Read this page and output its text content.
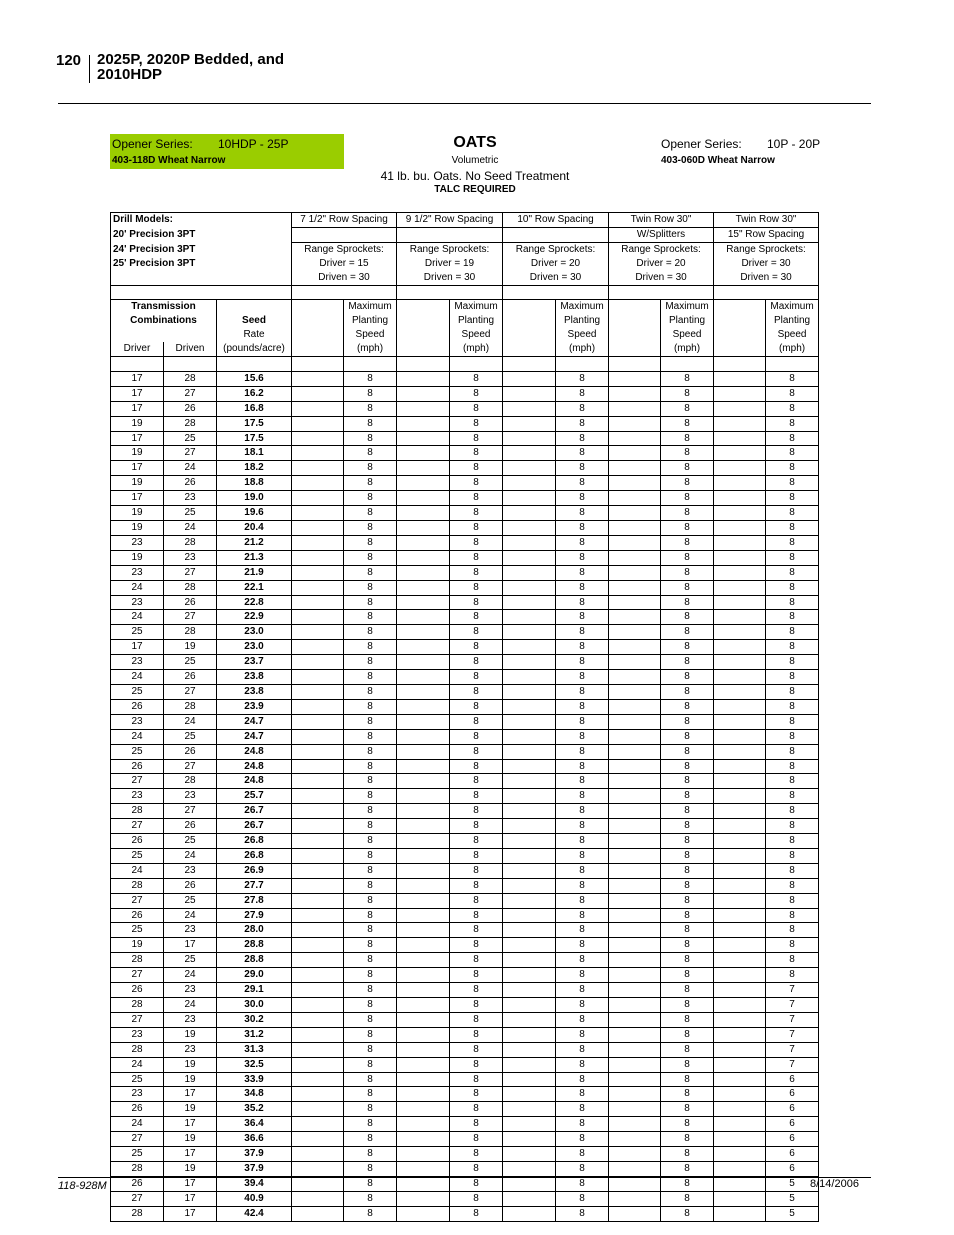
120 2025P, 2020P Bedded, and
2010HDP
Opener Series: 10HDP - 25P
403-118D Wheat Narrow
OATS
Volumetric
41 lb. bu. Oats. No Seed Treatment
TALC REQUIRED
Opener Series: 10P - 20P
403-060D Wheat Narrow
Drill Models:			7 1/2" Row Spacing		9 1/2" Row Spacing		10" Row Spacing		Twin Row 30"		Twin Row 30"	
20' Precision 3PT									W/Splitters		15" Row Spacing	
24' Precision 3PT			Range Sprockets:		Range Sprockets:		Range Sprockets:		Range Sprockets:		Range Sprockets:	
25' Precision 3PT			Driver = 15		Driver = 19		Driver = 20		Driver = 20		Driver = 30	
			Driven = 30		Driven = 30		Driven = 30		Driven = 30		Driven = 30	

Transmission				Maximum		Maximum		Maximum		Maximum		Maximum
Combinations		Seed		Planting		Planting		Planting		Planting		Planting
		Rate		Speed		Speed		Speed		Speed		Speed
Driver	Driven	(pounds/acre)		(mph)		(mph)		(mph)		(mph)		(mph)

17	28	15.6		8		8		8		8		8
17	27	16.2		8		8		8		8		8
17	26	16.8		8		8		8		8		8
19	28	17.5		8		8		8		8		8
17	25	17.5		8		8		8		8		8
19	27	18.1		8		8		8		8		8
17	24	18.2		8		8		8		8		8
19	26	18.8		8		8		8		8		8
17	23	19.0		8		8		8		8		8
19	25	19.6		8		8		8		8		8
19	24	20.4		8		8		8		8		8
23	28	21.2		8		8		8		8		8
19	23	21.3		8		8		8		8		8
23	27	21.9		8		8		8		8		8
24	28	22.1		8		8		8		8		8
23	26	22.8		8		8		8		8		8
24	27	22.9		8		8		8		8		8
25	28	23.0		8		8		8		8		8
17	19	23.0		8		8		8		8		8
23	25	23.7		8		8		8		8		8
24	26	23.8		8		8		8		8		8
25	27	23.8		8		8		8		8		8
26	28	23.9		8		8		8		8		8
23	24	24.7		8		8		8		8		8
24	25	24.7		8		8		8		8		8
25	26	24.8		8		8		8		8		8
26	27	24.8		8		8		8		8		8
27	28	24.8		8		8		8		8		8
23	23	25.7		8		8		8		8		8
28	27	26.7		8		8		8		8		8
27	26	26.7		8		8		8		8		8
26	25	26.8		8		8		8		8		8
25	24	26.8		8		8		8		8		8
24	23	26.9		8		8		8		8		8
28	26	27.7		8		8		8		8		8
27	25	27.8		8		8		8		8		8
26	24	27.9		8		8		8		8		8
25	23	28.0		8		8		8		8		8
19	17	28.8		8		8		8		8		8
28	25	28.8		8		8		8		8		8
27	24	29.0		8		8		8		8		8
26	23	29.1		8		8		8		8		7
28	24	30.0		8		8		8		8		7
27	23	30.2		8		8		8		8		7
23	19	31.2		8		8		8		8		7
28	23	31.3		8		8		8		8		7
24	19	32.5		8		8		8		8		7
25	19	33.9		8		8		8		8		6
23	17	34.8		8		8		8		8		6
26	19	35.2		8		8		8		8		6
24	17	36.4		8		8		8		8		6
27	19	36.6		8		8		8		8		6
25	17	37.9		8		8		8		8		6
28	19	37.9		8		8		8		8		6
26	17	39.4		8		8		8		8		5
27	17	40.9		8		8		8		8		5
28	17	42.4		8		8		8		8		5
118-928M	8/14/2006
